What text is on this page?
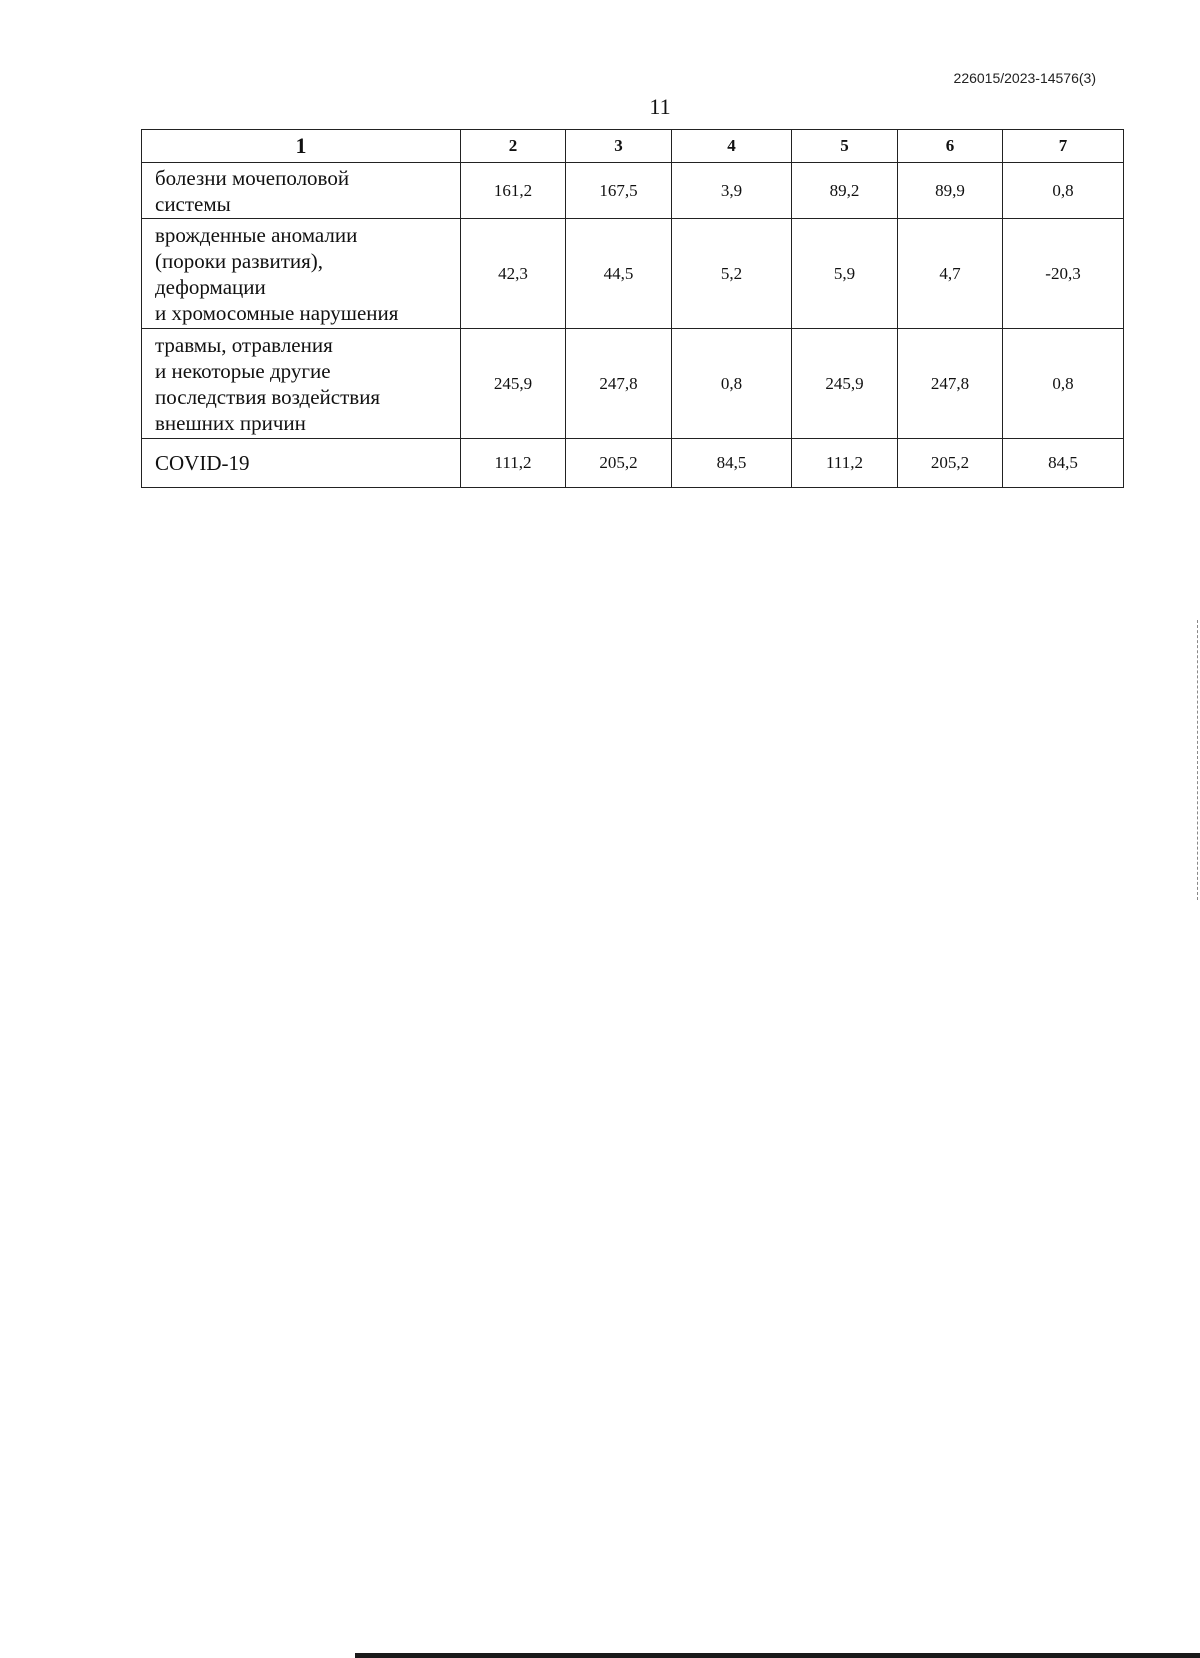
226015/2023-14576(3)
11
1	2	3	4	5	6	7
болезни мочеполовой
системы	161,2	167,5	3,9	89,2	89,9	0,8
врожденные аномалии
(пороки развития),
деформации
и хромосомные нарушения	42,3	44,5	5,2	5,9	4,7	-20,3
травмы, отравления
и некоторые другие
последствия воздействия
внешних причин	245,9	247,8	0,8	245,9	247,8	0,8
COVID-19	111,2	205,2	84,5	111,2	205,2	84,5
